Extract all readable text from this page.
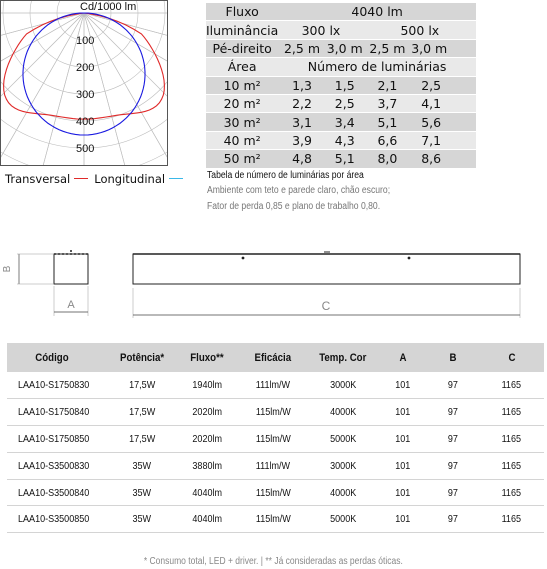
Cd/1000 lm
100
200
300
400
500
Transversal Longitudinal
Fluxo	4040 lm			
Iluminância	300 lx		500 lx	
Pé-direito	2,5 m	3,0 m	2,5 m	3,0 m
Área	Número de luminárias			
10 m²	1,3	1,5	2,1	2,5
20 m²	2,2	2,5	3,7	4,1
30 m²	3,1	3,4	5,1	5,6
40 m²	3,9	4,3	6,6	7,1
50 m²	4,8	5,1	8,0	8,6
Tabela de número de luminárias por área
Ambiente com teto e parede claro, chão escuro;
Fator de perda 0,85 e plano de trabalho 0,80.
B
A	C
Código	Potência*	Fluxo**	Eficácia	Temp. Cor	A	B	C
LAA10-S1750830	17,5W	1940lm	111lm/W	3000K	101	97	1165
LAA10-S1750840	17,5W	2020lm	115lm/W	4000K	101	97	1165
LAA10-S1750850	17,5W	2020lm	115lm/W	5000K	101	97	1165
LAA10-S3500830	35W	3880lm	111lm/W	3000K	101	97	1165
LAA10-S3500840	35W	4040lm	115lm/W	4000K	101	97	1165
LAA10-S3500850	35W	4040lm	115lm/W	5000K	101	97	1165
* Consumo total, LED + driver. | ** Já consideradas as perdas óticas.
